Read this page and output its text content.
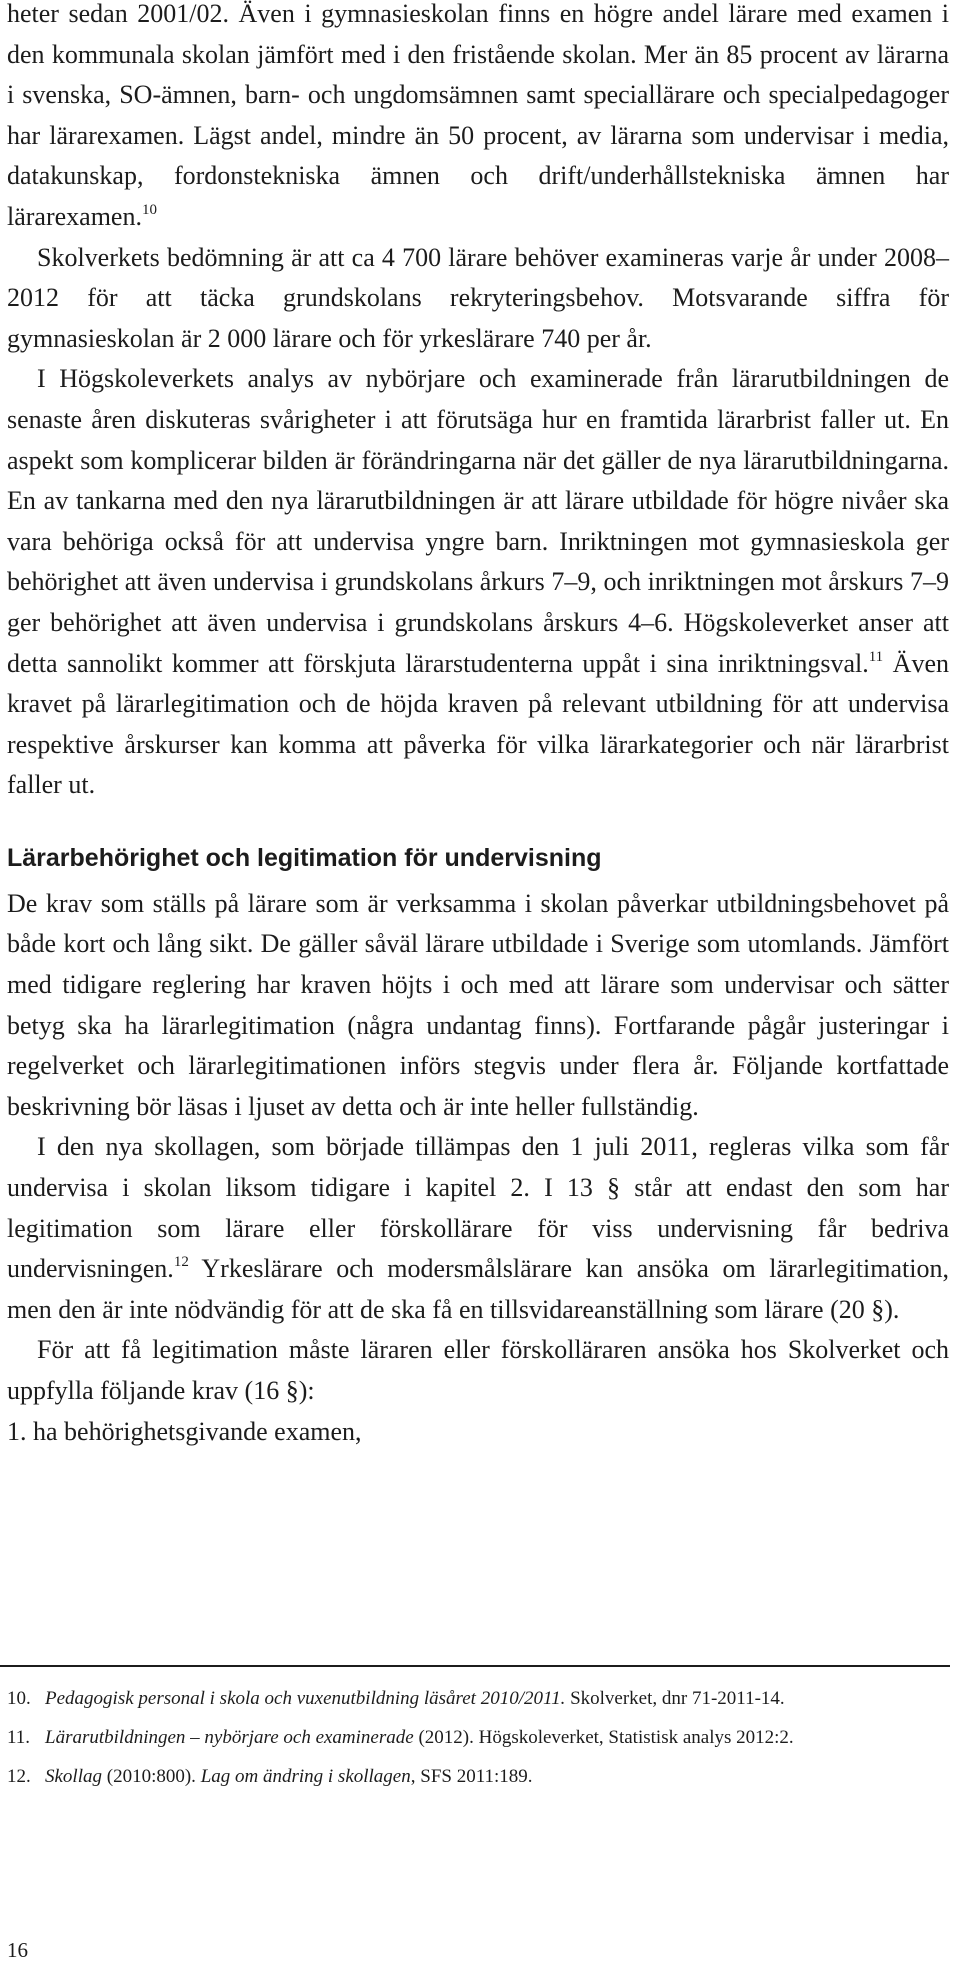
heter sedan 2001/02. Även i gymnasieskolan finns en högre andel lärare med examen i den kommunala skolan jämfört med i den fristående skolan. Mer än 85 procent av lärarna i svenska, SO-ämnen, barn- och ungdomsämnen samt speciallärare och specialpedagoger har lärarexamen. Lägst andel, mindre än 50 procent, av lärarna som undervisar i media, datakunskap, fordonstekniska ämnen och drift/underhållstekniska ämnen har lärarexamen.$^{10}$

Skolverkets bedömning är att ca 4 700 lärare behöver examineras varje år under 2008–2012 för att täcka grundskolans rekryteringsbehov. Motsvarande siffra för gymnasieskolan är 2 000 lärare och för yrkeslärare 740 per år.

I Högskoleverkets analys av nybörjare och examinerade från lärarutbildningen de senaste åren diskuteras svårigheter i att förutsäga hur en framtida lärarbrist faller ut. En aspekt som komplicerar bilden är förändringarna när det gäller de nya lärarutbildningarna. En av tankarna med den nya lärarutbildningen är att lärare utbildade för högre nivåer ska vara behöriga också för att undervisa yngre barn. Inriktningen mot gymnasieskola ger behörighet att även undervisa i grundskolans årkurs 7–9, och inriktningen mot årskurs 7–9 ger behörighet att även undervisa i grundskolans årskurs 4–6. Högskoleverket anser att detta sannolikt kommer att förskjuta lärarstudenterna uppåt i sina inriktningsval.$^{11}$ Även kravet på lärarlegitimation och de höjda kraven på relevant utbildning för att undervisa respektive årskurser kan komma att påverka för vilka lärarkategorier och när lärarbrist faller ut.

Lärarbehörighet och legitimation för undervisning

De krav som ställs på lärare som är verksamma i skolan påverkar utbildningsbehovet på både kort och lång sikt. De gäller såväl lärare utbildade i Sverige som utomlands. Jämfört med tidigare reglering har kraven höjts i och med att lärare som undervisar och sätter betyg ska ha lärarlegitimation (några undantag finns). Fortfarande pågår justeringar i regelverket och lärarlegitimationen införs stegvis under flera år. Följande kortfattade beskrivning bör läsas i ljuset av detta och är inte heller fullständig.

I den nya skollagen, som började tillämpas den 1 juli 2011, regleras vilka som får undervisa i skolan liksom tidigare i kapitel 2. I 13 § står att endast den som har legitimation som lärare eller förskollärare för viss undervisning får bedriva undervisningen.$^{12}$ Yrkeslärare och modersmålslärare kan ansöka om lärarlegitimation, men den är inte nödvändig för att de ska få en tillsvidareanställning som lärare (20 §).

För att få legitimation måste läraren eller förskolläraren ansöka hos Skolverket och uppfylla följande krav (16 §):

1. ha behörighetsgivande examen,

10. Pedagogisk personal i skola och vuxenutbildning läsåret 2010/2011. Skolverket, dnr 71-2011-14.
11. Lärarutbildningen – nybörjare och examinerade (2012). Högskoleverket, Statistisk analys 2012:2.
12. Skollag (2010:800). Lag om ändring i skollagen, SFS 2011:189.
16
